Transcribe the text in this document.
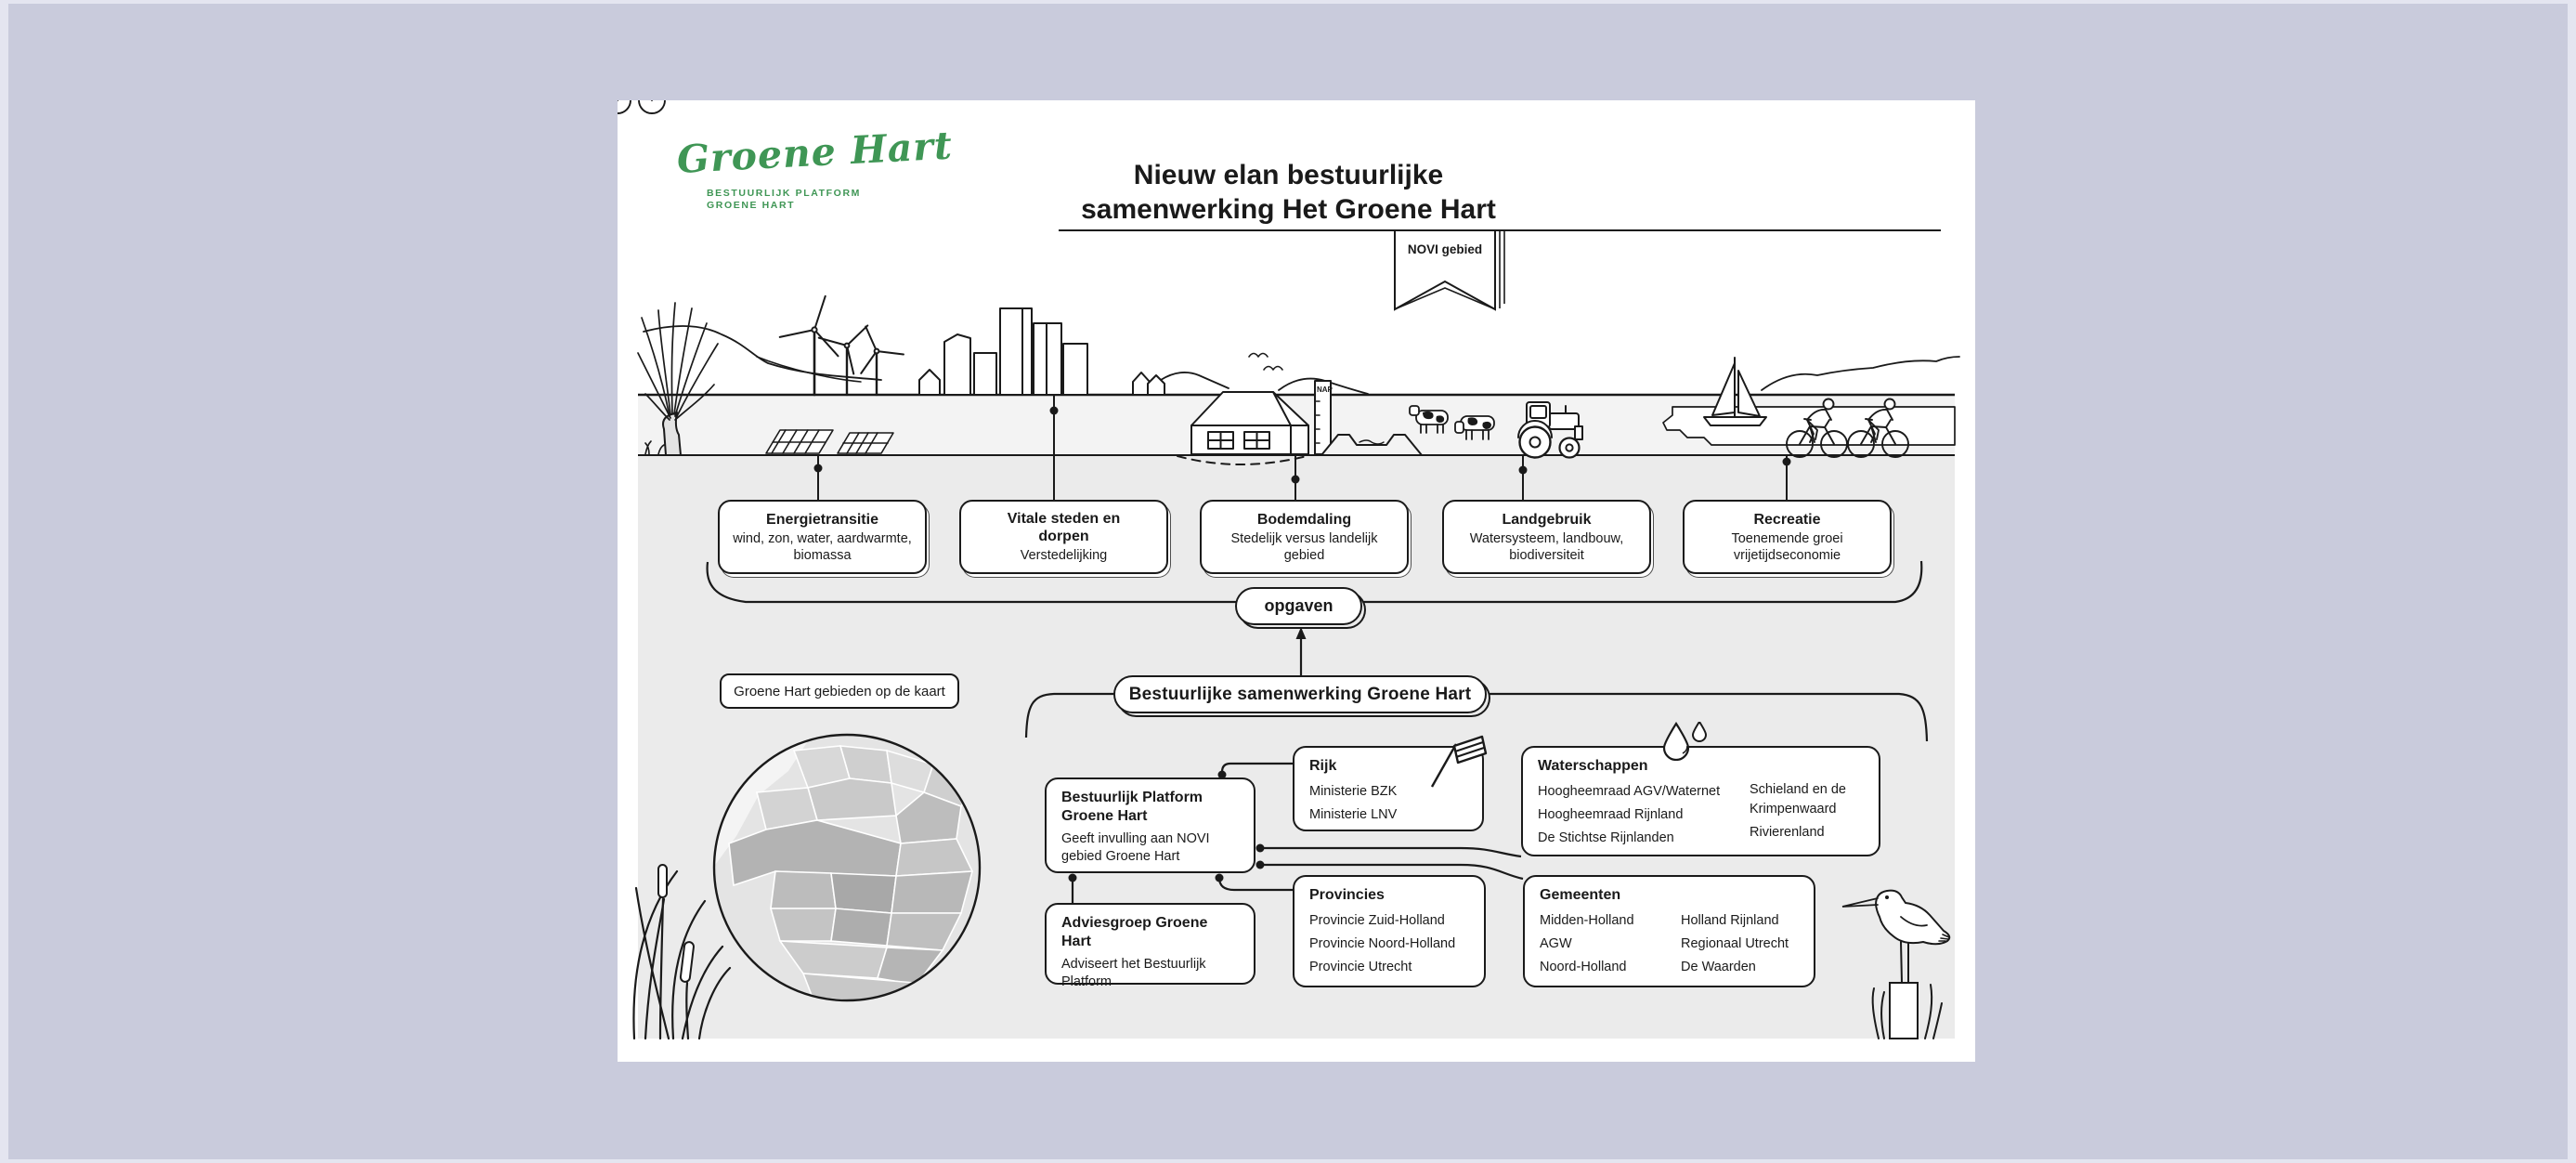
NAP
Groene Hart
BESTUURLIJK PLATFORM
GROENE HART
Nieuw elan bestuurlijke
samenwerking Het Groene Hart
NOVI gebied
Energietransitie
wind, zon, water, aardwarmte, biomassa
Vitale steden en dorpen
Verstedelijking
Bodemdaling
Stedelijk versus landelijk gebied
Landgebruik
Watersysteem, landbouw, biodiversiteit
Recreatie
Toenemende groei vrijetijdseconomie
opgaven
Bestuurlijke samenwerking Groene Hart
Groene Hart gebieden op de kaart
Rijk
Ministerie BZK
Ministerie LNV
Waterschappen
Hoogheemraad AGV/Waternet
Hoogheemraad Rijnland
De Stichtse Rijnlanden
Schieland en de Krimpenwaard
Rivierenland
Bestuurlijk Platform Groene Hart
Geeft invulling aan NOVI gebied Groene Hart
Provincies
Provincie Zuid-Holland
Provincie Noord-Holland
Provincie Utrecht
Gemeenten
Midden-Holland
AGW
Noord-Holland
Holland Rijnland
Regionaal Utrecht
De Waarden
Adviesgroep Groene Hart
Adviseert het Bestuurlijk Platform
